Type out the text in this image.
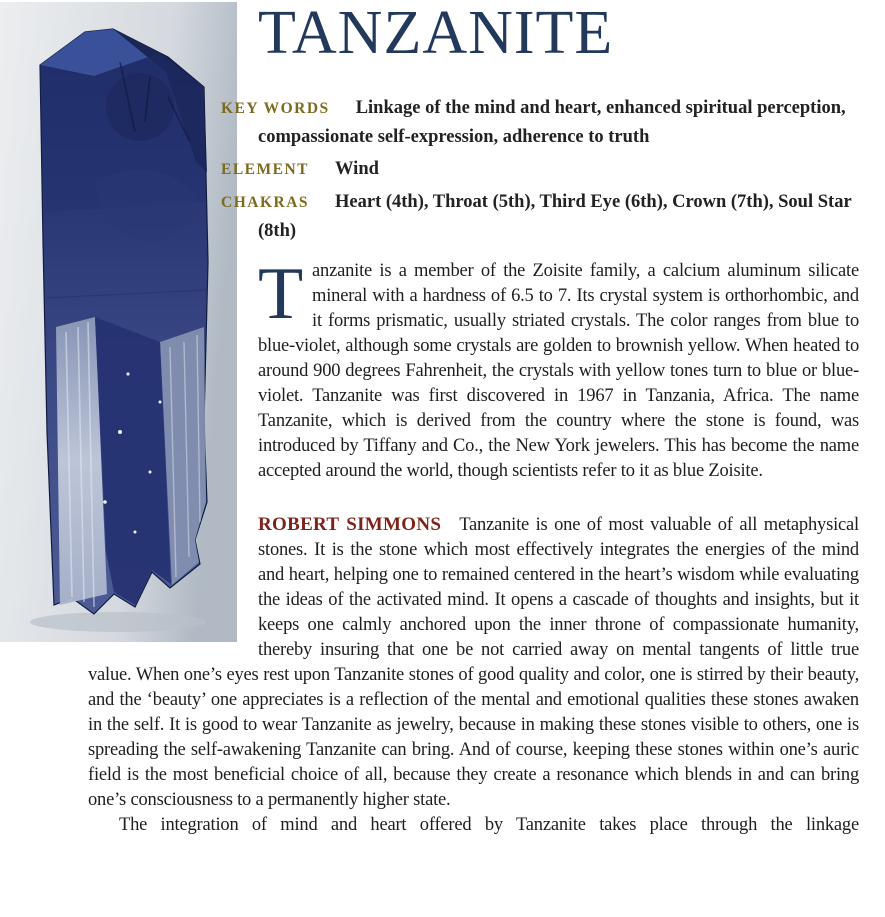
TANZANITE

KEY WORDS Linkage of the mind and heart, enhanced spiritual perception, compassionate self-expression, adherence to truth

ELEMENT Wind

CHAKRAS Heart (4th), Throat (5th), Third Eye (6th), Crown (7th), Soul Star (8th)

Tanzanite is a member of the Zoisite family, a calcium aluminum silicate mineral with a hardness of 6.5 to 7. Its crystal system is orthorhombic, and it forms prismatic, usually striated crystals. The color ranges from blue to blue-violet, although some crystals are golden to brownish yellow. When heated to around 900 degrees Fahrenheit, the crystals with yellow tones turn to blue or blue-violet. Tanzanite was first discovered in 1967 in Tanzania, Africa. The name Tanzanite, which is derived from the country where the stone is found, was introduced by Tiffany and Co., the New York jewelers. This has become the name accepted around the world, though scientists refer to it as blue Zoisite.

ROBERT SIMMONS Tanzanite is one of most valuable of all metaphysical stones. It is the stone which most effectively integrates the energies of the mind and heart, helping one to remained centered in the heart’s wisdom while evaluating the ideas of the activated mind. It opens a cascade of thoughts and insights, but it keeps one calmly anchored upon the inner throne of compassionate humanity, thereby insuring that one be not carried away on mental tangents of little true value. When one’s eyes rest upon Tanzanite stones of good quality and color, one is stirred by their beauty, and the ‘beauty’ one appreciates is a reflection of the mental and emotional qualities these stones awaken in the self. It is good to wear Tanzanite as jewelry, because in making these stones visible to others, one is spreading the self-awakening Tanzanite can bring. And of course, keeping these stones within one’s auric field is the most beneficial choice of all, because they create a resonance which blends in and can bring one’s consciousness to a permanently higher state.

The integration of mind and heart offered by Tanzanite takes place through the linkage
